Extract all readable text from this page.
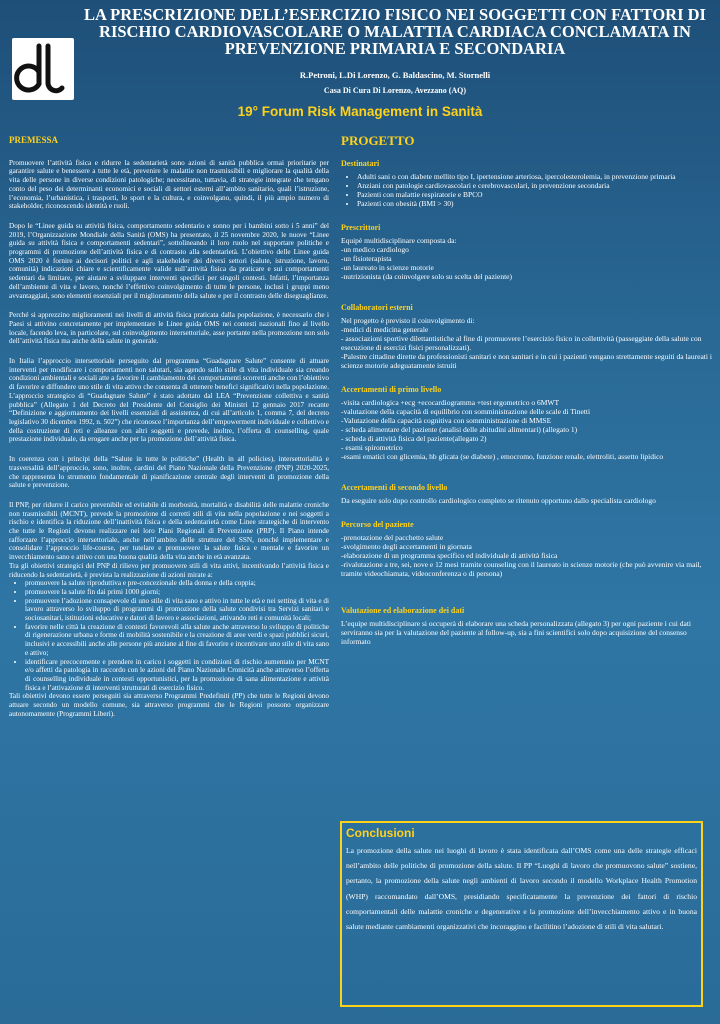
LA PRESCRIZIONE DELL’ESERCIZIO FISICO NEI SOGGETTI CON FATTORI DI RISCHIO CARDIOVASCOLARE O MALATTIA CARDIACA CONCLAMATA IN PREVENZIONE PRIMARIA E SECONDARIA

R.Petroni, L.Di Lorenzo, G. Baldascino, M. Stornelli

Casa Di Cura Di Lorenzo, Avezzano (AQ)

19° Forum Risk Management in Sanità

PREMESSA

Promuovere l’attività fisica e ridurre la sedentarietà sono azioni di sanità pubblica ormai prioritarie per garantire salute e benessere a tutte le età, prevenire le malattie non trasmissibili e migliorare la qualità della vita delle persone in diverse condizioni patologiche; necessitano, tuttavia, di strategie integrate che tengano conto del peso dei determinanti economici e sociali di settori esterni all’ambito sanitario, quali l’istruzione, l’economia, l’urbanistica, i trasporti, lo sport e la cultura, e coinvolgano, quindi, il più ampio numero di stakeholder, riconoscendo identità e ruoli.

Dopo le “Linee guida su attività fisica, comportamento sedentario e sonno per i bambini sotto i 5 anni” del 2019, l’Organizzazione Mondiale della Sanità (OMS) ha presentato, il 25 novembre 2020, le nuove “Linee guida su attività fisica e comportamenti sedentari”, sottolineando il loro ruolo nel supportare politiche e programmi di promozione dell’attività fisica e di contrasto alla sedentarietà. L’obiettivo delle Linee guida OMS 2020 è fornire ai decisori politici e agli stakeholder dei diversi settori (salute, istruzione, lavoro, comunità) indicazioni chiare e scientificamente valide sull’attività fisica da praticare e sui comportamenti sedentari da limitare, per aiutare a sviluppare interventi specifici per singoli contesti. Infatti, l’importanza dell’ambiente di vita e lavoro, nonché l’effettivo coinvolgimento di tutte le persone, inclusi i gruppi meno avvantaggiati, sono elementi essenziali per il miglioramento della salute e per il contrasto delle diseguaglianze.

Perché si apprezzino miglioramenti nei livelli di attività fisica praticata dalla popolazione, è necessario che i Paesi si attivino concretamente per implementare le Linee guida OMS nei contesti nazionali fino al livello locale, facendo leva, in particolare, sul coinvolgimento intersettoriale, asse portante nella promozione non solo dell’attività fisica ma anche della salute in generale.

In Italia l’approccio intersettoriale perseguito dal programma “Guadagnare Salute” consente di attuare interventi per modificare i comportamenti non salutari, sia agendo sullo stile di vita individuale sia creando condizioni ambientali e sociali atte a favorire il cambiamento dei comportamenti scorretti anche con l’obiettivo di favorire e diffondere uno stile di vita attivo che consenta di ottenere benefici significativi nella popolazione. L’approccio strategico di “Guadagnare Salute” è stato adottato dal LEA “Prevenzione collettiva e sanità pubblica” (Allegato 1 del Decreto del Presidente del Consiglio dei Ministri 12 gennaio 2017 recante “Definizione e aggiornamento dei livelli essenziali di assistenza, di cui all’articolo 1, comma 7, del decreto legislativo 30 dicembre 1992, n. 502”) che riconosce l’importanza dell’empowerment individuale e collettivo e della costruzione di reti e alleanze con altri soggetti e prevede, inoltre, l’offerta di counselling, quale prestazione individuale, da erogare anche per la promozione dell’attività fisica.

In coerenza con i principi della “Salute in tutte le politiche” (Health in all policies), intersettorialità e trasversalità dell’approccio, sono, inoltre, cardini del Piano Nazionale della Prevenzione (PNP) 2020-2025, che rappresenta lo strumento fondamentale di pianificazione centrale degli interventi di promozione della salute e prevenzione.

Il PNP, per ridurre il carico prevenibile ed evitabile di morbosità, mortalità e disabilità delle malattie croniche non trasmissibili (MCNT), prevede la promozione di corretti stili di vita nella popolazione e nei soggetti a rischio e identifica la riduzione dell’inattività fisica e della sedentarietà come Linee strategiche di intervento che tutte le Regioni devono realizzare nei loro Piani Regionali di Prevenzione (PRP). Il Piano intende rafforzare l’approccio intersettoriale, anche nell’ambito delle strutture del SSN, nonché implementare e consolidare l’approccio life-course, per tutelare e promuovere la salute fisica e mentale e favorire un invecchiamento sano e attivo con una buona qualità della vita anche in età avanzata.

Tra gli obiettivi strategici del PNP di rilievo per promuovere stili di vita attivi, incentivando l’attività fisica e riducendo la sedentarietà, è prevista la realizzazione di azioni mirate a:

• promuovere la salute riproduttiva e pre-concezionale della donna e della coppia;
• promuovere la salute fin dai primi 1000 giorni;
• promuovere l’adozione consapevole di uno stile di vita sano e attivo in tutte le età e nei setting di vita e di lavoro attraverso lo sviluppo di programmi di promozione della salute condivisi tra Servizi sanitari e sociosanitari, istituzioni educative e datori di lavoro e associazioni, attivando reti e comunità locali;
• favorire nelle città la creazione di contesti favorevoli alla salute anche attraverso lo sviluppo di politiche di rigenerazione urbana e forme di mobilità sostenibile e la creazione di aree verdi e spazi pubblici sicuri, inclusivi e accessibili anche alle persone più anziane al fine di favorire e incentivare uno stile di vita sano e attivo;
• identificare precocemente e prendere in carico i soggetti in condizioni di rischio aumentato per MCNT e/o affetti da patologia in raccordo con le azioni del Piano Nazionale Cronicità anche attraverso l’offerta di counselling individuale in contesti opportunistici, per la promozione di sana alimentazione e attività fisica e l’attivazione di interventi strutturati di esercizio fisico.

Tali obiettivi devono essere perseguiti sia attraverso Programmi Predefiniti (PP) che tutte le Regioni devono attuare secondo un modello comune, sia attraverso programmi che le Regioni possono organizzare autonomamente (Programmi Liberi).

PROGETTO
Destinatari
• Adulti sani o con diabete mellito tipo I, ipertensione arteriosa, ipercolesterolemia, in prevenzione primaria
• Anziani con patologie cardiovascolari e cerebrovascolari, in prevenzione secondaria
• Pazienti con malattie respiratorie e BPCO
• Pazienti con obesità (BMI > 30)
Prescrittori
Equipè multidisciplinare composta da:
-un medico cardiologo
-un fisioterapista
-un laureato in scienze motorie
-nutrizionista (da coinvolgere solo su scelta del paziente)
Collaboratori esterni
Nel progetto è previsto il coinvolgimento di:
-medici di medicina generale
- associazioni sportive dilettantistiche al fine di promuovere l’esercizio fisico in collettività (passeggiate della salute con esecuzione di esercizi fisici personalizzati).
-Palestre cittadine dirette da professionisti sanitari e non sanitari e in cui i pazienti vengano strettamente seguiti da laureati i scienze motorie adeguatamente istruiti
Accertamenti di primo livello
-visita cardiologica +ecg +ecocardiogramma +test ergometrico o 6MWT
-valutazione della capacità di equilibrio con somministrazione delle scale di Tinetti
-Valutazione della capacità cognitiva con somministrazione di MMSE
- scheda alimentare del paziente (analisi delle abitudini alimentari) (allegato 1)
- scheda di attività fisica del paziente(allegato 2)
- esami spirometrico
-esami ematici con glicemia, hb glicata (se diabete) , emocromo, funzione renale, elettroliti, assetto lipidico
Accertamenti di secondo livello
Da eseguire solo dopo controllo cardiologico completo se ritenuto opportuno dallo specialista cardiologo
Percorso del paziente
-prenotazione del pacchetto salute
-svolgimento degli accertamenti in giornata
-elaborazione di un programma specifico ed individuale di attività fisica
-rivalutazione a tre, sei, nove e 12 mesi tramite counseling con il laureato in scienze motorie (che può avvenire via mail, tramite videochiamata, videoconferenza o di persona)
Valutazione ed elaborazione dei dati
L’equipe multidisciplinare si occuperà di elaborare una scheda personalizzata (allegato 3) per ogni paziente i cui dati serviranno sia per la valutazione del paziente al follow-up, sia a fini scientifici solo dopo acquisizione del consenso informato
Conclusioni

La promozione della salute nei luoghi di lavoro è stata identificata dall’OMS come una delle strategie efficaci nell’ambito delle politiche di promozione della salute. Il PP “Luoghi di lavoro che promuovono salute” sostiene, pertanto, la promozione della salute negli ambienti di lavoro secondo il modello Workplace Health Promotion (WHP) raccomandato dall’OMS, presidiando specificatamente la prevenzione dei fattori di rischio comportamentali delle malattie croniche e degenerative e la promozione dell’invecchiamento attivo e in buona salute mediante cambiamenti organizzativi che incoraggino e facilitino l’adozione di stili di vita salutari.
